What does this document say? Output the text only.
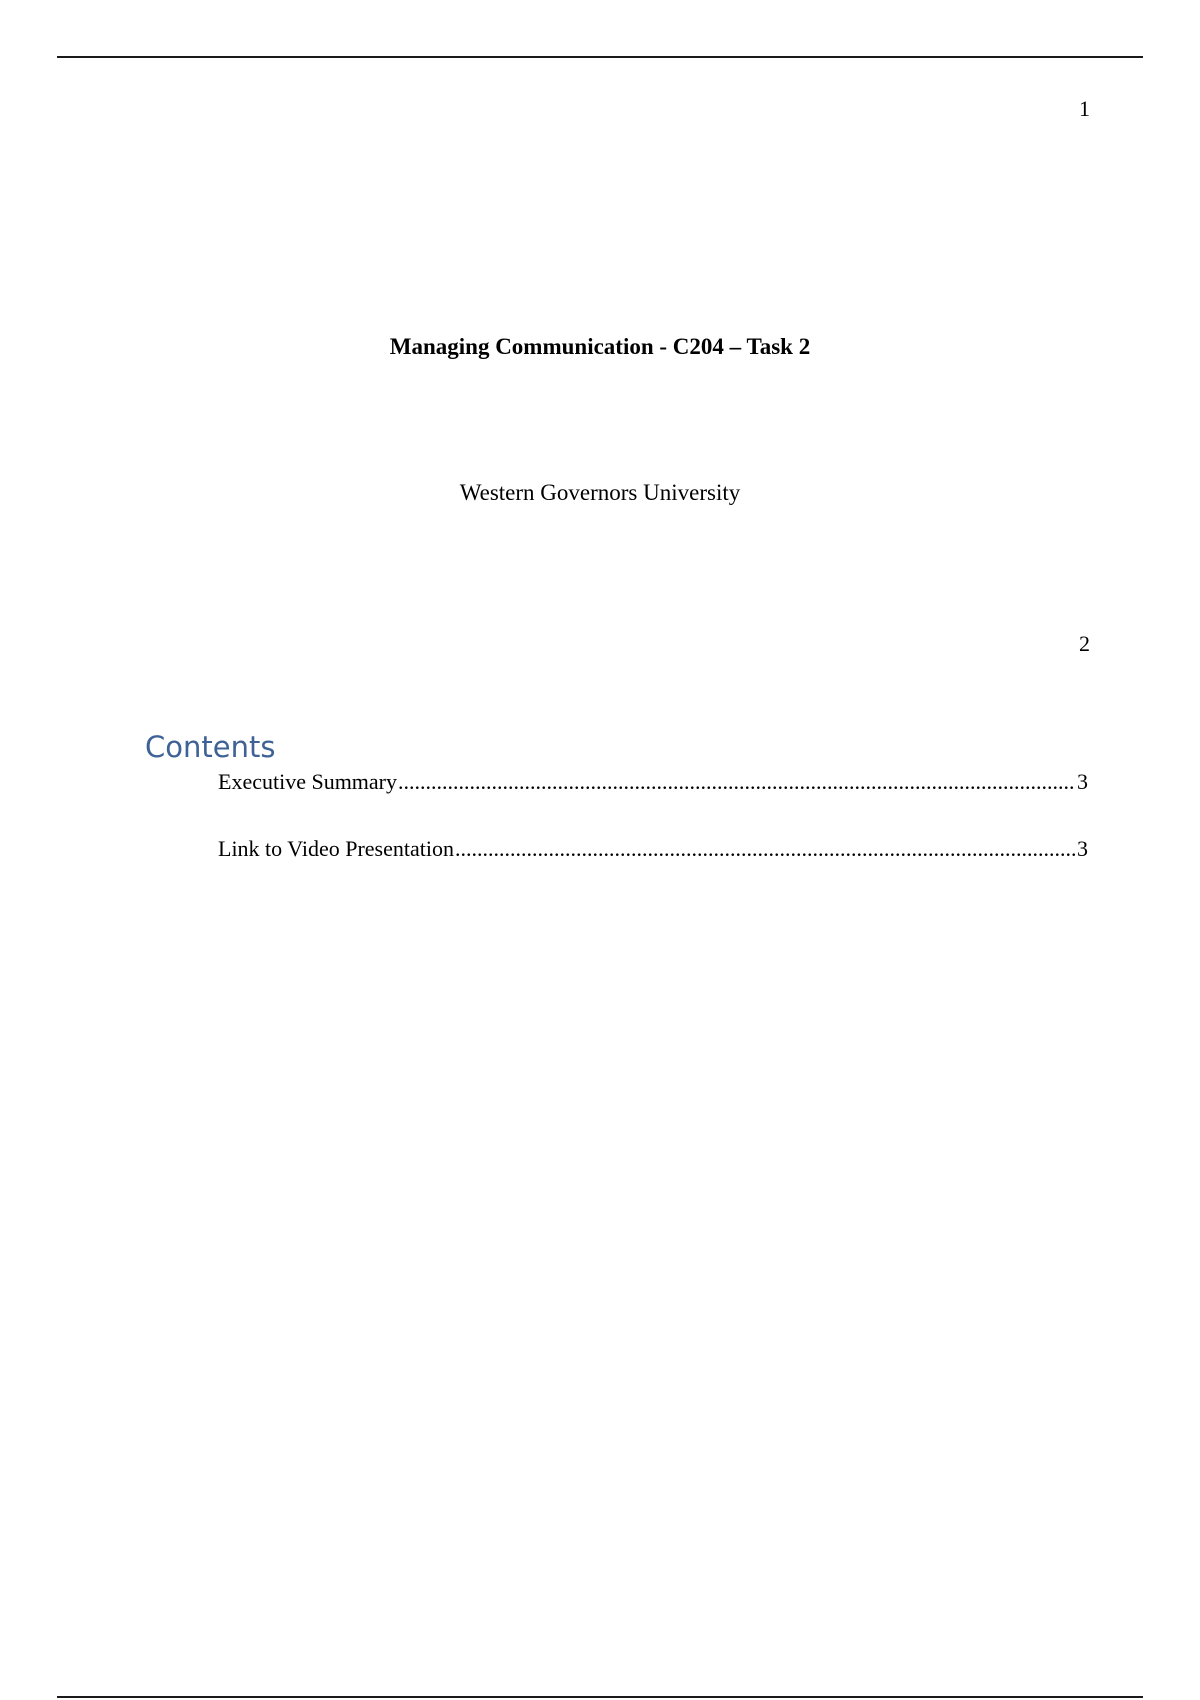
1
Managing Communication - C204 – Task 2
Western Governors University
2
Contents
Executive Summary .....	3
Link to Video Presentation .....	3
